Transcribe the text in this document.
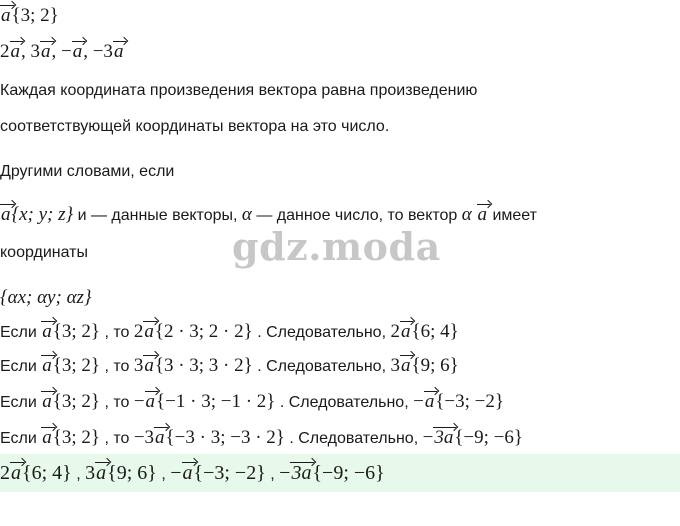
a{3; 2}
2a, 3a, −a, −3a
Каждая координата произведения вектора равна произведению
соответствующей координаты вектора на это число.
Другими словами, если
a{x; y; z} и — данные векторы, α — данное число, то вектор α a имеет
координаты	gdz.moda
{αx; αy; αz}
Если a{3; 2} , то 2a{2 · 3; 2 · 2} . Следовательно, 2a{6; 4}
Если a{3; 2} , то 3a{3 · 3; 3 · 2} . Следовательно, 3a{9; 6}
Если a{3; 2} , то −a{−1 · 3; −1 · 2} . Следовательно, −a{−3; −2}
Если a{3; 2} , то −3a{−3 · 3; −3 · 2} . Следовательно, −3a{−9; −6}
2a{6; 4} , 3a{9; 6} , −a{−3; −2} , −3a{−9; −6}
